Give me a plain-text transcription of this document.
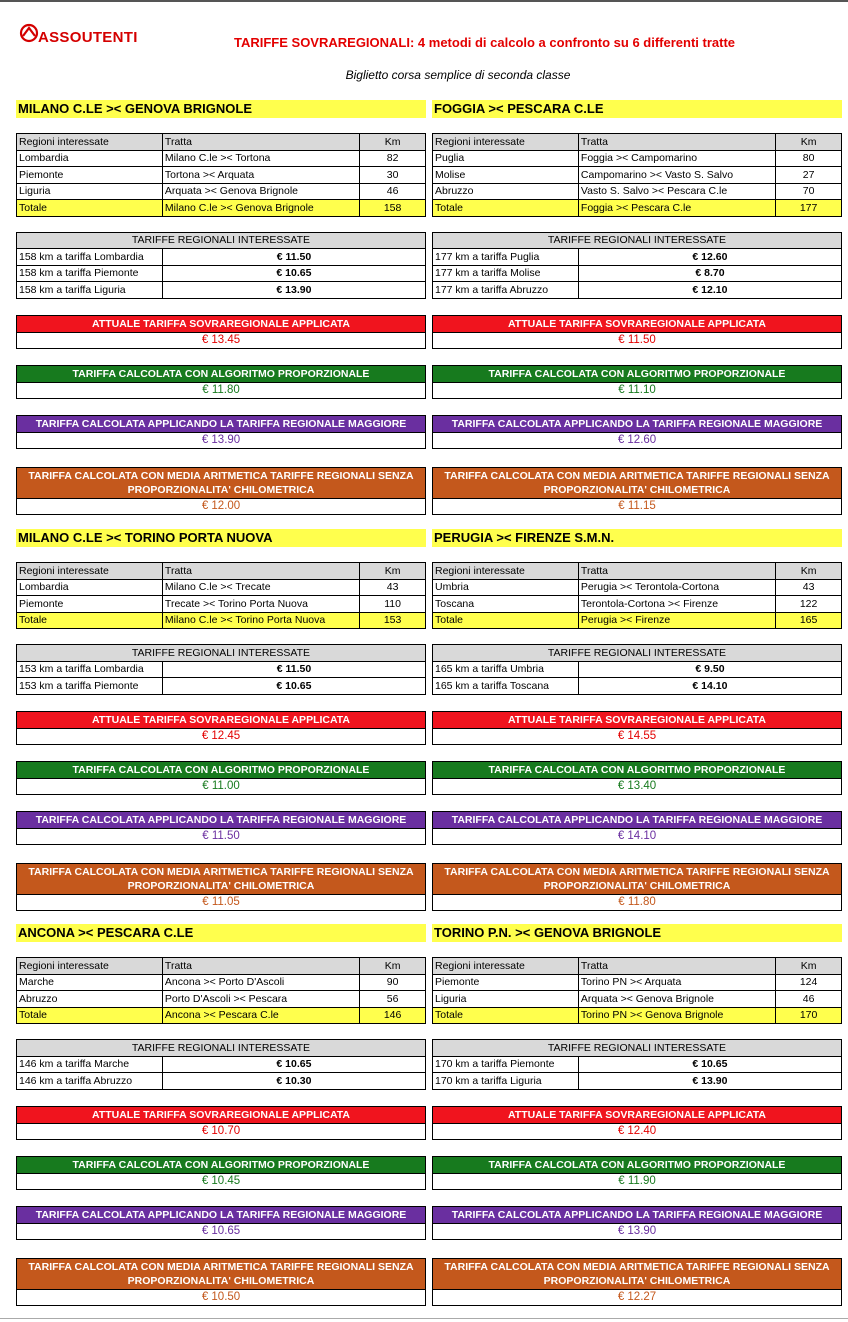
ASSOUTENTI	TARIFFE SOVRAREGIONALI: 4 metodi di calcolo a confronto su 6 differenti tratte
Biglietto corsa semplice di seconda classe
MILANO C.LE >< GENOVA BRIGNOLE
Regioni interessate	Tratta	Km
Lombardia	Milano C.le >< Tortona	82
Piemonte	Tortona >< Arquata	30
Liguria	Arquata >< Genova Brignole	46
Totale	Milano C.le >< Genova Brignole	158
TARIFFE REGIONALI INTERESSATE	
158 km a tariffa Lombardia	€ 11.50
158 km a tariffa Piemonte	€ 10.65
158 km a tariffa Liguria	€ 13.90
ATTUALE TARIFFA SOVRAREGIONALE APPLICATA
€ 13.45
TARIFFA CALCOLATA CON ALGORITMO PROPORZIONALE
€ 11.80
TARIFFA CALCOLATA APPLICANDO LA TARIFFA REGIONALE MAGGIORE
€ 13.90
TARIFFA CALCOLATA CON MEDIA ARITMETICA TARIFFE REGIONALI SENZA PROPORZIONALITA' CHILOMETRICA
€ 12.00
FOGGIA >< PESCARA C.LE
Regioni interessate	Tratta	Km
Puglia	Foggia >< Campomarino	80
Molise	Campomarino >< Vasto S. Salvo	27
Abruzzo	Vasto S. Salvo >< Pescara C.le	70
Totale	Foggia >< Pescara C.le	177
TARIFFE REGIONALI INTERESSATE	
177 km a tariffa Puglia	€ 12.60
177 km a tariffa Molise	€ 8.70
177 km a tariffa Abruzzo	€ 12.10
ATTUALE TARIFFA SOVRAREGIONALE APPLICATA
€ 11.50
TARIFFA CALCOLATA CON ALGORITMO PROPORZIONALE
€ 11.10
TARIFFA CALCOLATA APPLICANDO LA TARIFFA REGIONALE MAGGIORE
€ 12.60
TARIFFA CALCOLATA CON MEDIA ARITMETICA TARIFFE REGIONALI SENZA PROPORZIONALITA' CHILOMETRICA
€ 11.15
MILANO C.LE >< TORINO PORTA NUOVA
Regioni interessate	Tratta	Km
Lombardia	Milano C.le >< Trecate	43
Piemonte	Trecate >< Torino Porta Nuova	110
Totale	Milano C.le >< Torino Porta Nuova	153
TARIFFE REGIONALI INTERESSATE	
153 km a tariffa Lombardia	€ 11.50
153 km a tariffa Piemonte	€ 10.65
ATTUALE TARIFFA SOVRAREGIONALE APPLICATA
€ 12.45
TARIFFA CALCOLATA CON ALGORITMO PROPORZIONALE
€ 11.00
TARIFFA CALCOLATA APPLICANDO LA TARIFFA REGIONALE MAGGIORE
€ 11.50
TARIFFA CALCOLATA CON MEDIA ARITMETICA TARIFFE REGIONALI SENZA PROPORZIONALITA' CHILOMETRICA
€ 11.05
PERUGIA >< FIRENZE S.M.N.
Regioni interessate	Tratta	Km
Umbria	Perugia >< Terontola-Cortona	43
Toscana	Terontola-Cortona >< Firenze	122
Totale	Perugia >< Firenze	165
TARIFFE REGIONALI INTERESSATE	
165 km a tariffa Umbria	€ 9.50
165 km a tariffa Toscana	€ 14.10
ATTUALE TARIFFA SOVRAREGIONALE APPLICATA
€ 14.55
TARIFFA CALCOLATA CON ALGORITMO PROPORZIONALE
€ 13.40
TARIFFA CALCOLATA APPLICANDO LA TARIFFA REGIONALE MAGGIORE
€ 14.10
TARIFFA CALCOLATA CON MEDIA ARITMETICA TARIFFE REGIONALI SENZA PROPORZIONALITA' CHILOMETRICA
€ 11.80
ANCONA >< PESCARA C.LE
Regioni interessate	Tratta	Km
Marche	Ancona >< Porto D'Ascoli	90
Abruzzo	Porto D'Ascoli >< Pescara	56
Totale	Ancona >< Pescara C.le	146
TARIFFE REGIONALI INTERESSATE	
146 km a tariffa Marche	€ 10.65
146 km a tariffa Abruzzo	€ 10.30
ATTUALE TARIFFA SOVRAREGIONALE APPLICATA
€ 10.70
TARIFFA CALCOLATA CON ALGORITMO PROPORZIONALE
€ 10.45
TARIFFA CALCOLATA APPLICANDO LA TARIFFA REGIONALE MAGGIORE
€ 10.65
TARIFFA CALCOLATA CON MEDIA ARITMETICA TARIFFE REGIONALI SENZA PROPORZIONALITA' CHILOMETRICA
€ 10.50
TORINO P.N. >< GENOVA BRIGNOLE
Regioni interessate	Tratta	Km
Piemonte	Torino PN >< Arquata	124
Liguria	Arquata >< Genova Brignole	46
Totale	Torino PN >< Genova Brignole	170
TARIFFE REGIONALI INTERESSATE	
170 km a tariffa Piemonte	€ 10.65
170 km a tariffa Liguria	€ 13.90
ATTUALE TARIFFA SOVRAREGIONALE APPLICATA
€ 12.40
TARIFFA CALCOLATA CON ALGORITMO PROPORZIONALE
€ 11.90
TARIFFA CALCOLATA APPLICANDO LA TARIFFA REGIONALE MAGGIORE
€ 13.90
TARIFFA CALCOLATA CON MEDIA ARITMETICA TARIFFE REGIONALI SENZA PROPORZIONALITA' CHILOMETRICA
€ 12.27
